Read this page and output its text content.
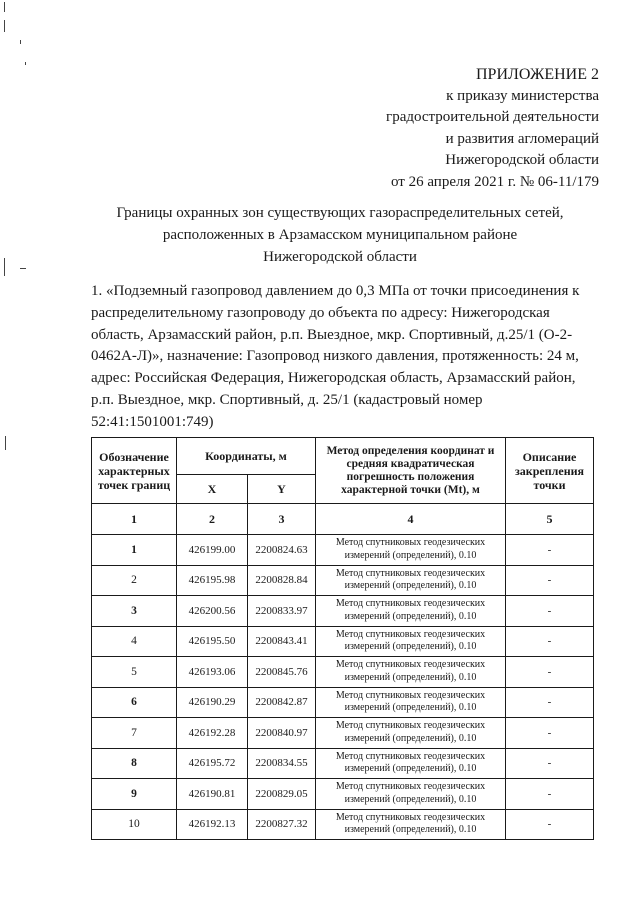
ПРИЛОЖЕНИЕ 2
к приказу министерства
градостроительной деятельности
и развития агломераций
Нижегородской области
от 26 апреля 2021 г. № 06-11/179
Границы охранных зон существующих газораспределительных сетей,
расположенных в Арзамасском муниципальном районе
Нижегородской области
1. «Подземный газопровод давлением до 0,3 МПа от точки присоединения к
распределительному газопроводу до объекта по адресу: Нижегородская
область, Арзамасский район, р.п. Выездное, мкр. Спортивный, д.25/1 (О-2-
0462А-Л)», назначение: Газопровод низкого давления, протяженность: 24 м,
адрес: Российская Федерация, Нижегородская область, Арзамасский район,
р.п. Выездное, мкр. Спортивный, д. 25/1 (кадастровый номер
52:41:1501001:749)
Обозначение характерных точек границ	Координаты, м		Метод определения координат и средняя квадратическая погрешность положения характерной точки (Mt), м	Описание закрепления точки
	X	Y		
1	2	3	4	5
1	426199.00	2200824.63	Метод спутниковых геодезических измерений (определений), 0.10	-
2	426195.98	2200828.84	Метод спутниковых геодезических измерений (определений), 0.10	-
3	426200.56	2200833.97	Метод спутниковых геодезических измерений (определений), 0.10	-
4	426195.50	2200843.41	Метод спутниковых геодезических измерений (определений), 0.10	-
5	426193.06	2200845.76	Метод спутниковых геодезических измерений (определений), 0.10	-
6	426190.29	2200842.87	Метод спутниковых геодезических измерений (определений), 0.10	-
7	426192.28	2200840.97	Метод спутниковых геодезических измерений (определений), 0.10	-
8	426195.72	2200834.55	Метод спутниковых геодезических измерений (определений), 0.10	-
9	426190.81	2200829.05	Метод спутниковых геодезических измерений (определений), 0.10	-
10	426192.13	2200827.32	Метод спутниковых геодезических измерений (определений), 0.10	-
